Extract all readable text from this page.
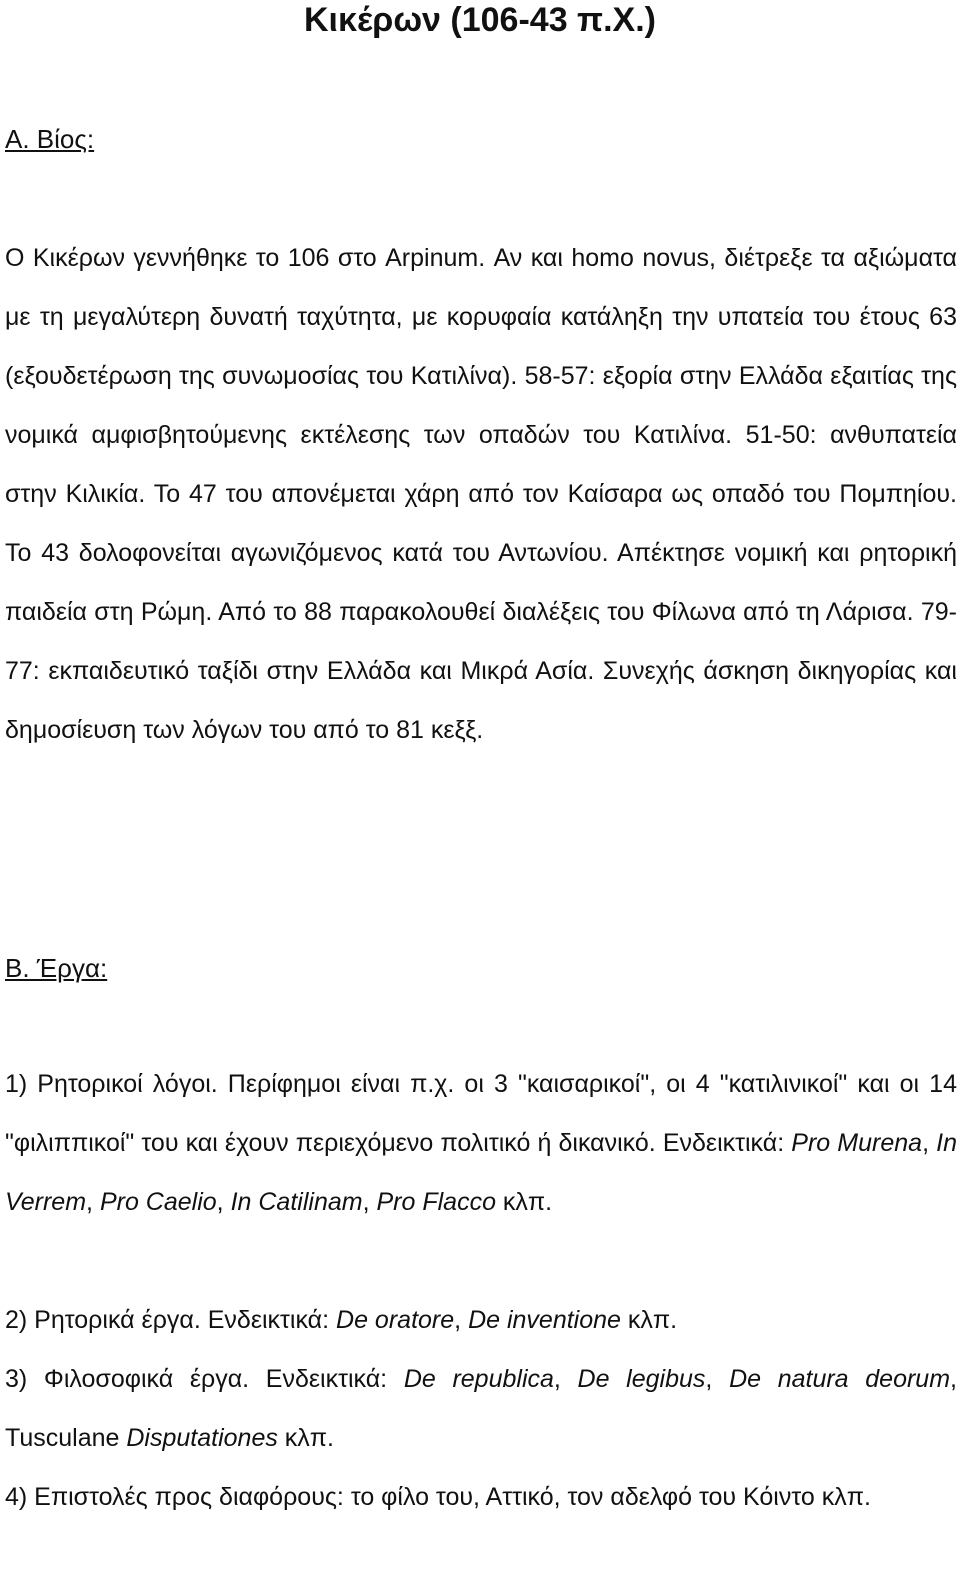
Κικέρων (106-43 π.Χ.)
Α. Βίος:

Ο Κικέρων γεννήθηκε το 106 στο Arpinum. Αν και homo novus, διέτρεξε τα αξιώματα με τη μεγαλύτερη δυνατή ταχύτητα, με κορυφαία κατάληξη την υπατεία του έτους 63 (εξουδετέρωση της συνωμοσίας του Κατιλίνα). 58-57: εξορία στην Ελλάδα εξαιτίας της νομικά αμφισβητούμενης εκτέλεσης των οπαδών του Κατιλίνα. 51-50: ανθυπατεία στην Κιλικία. Το 47 του απονέμεται χάρη από τον Καίσαρα ως οπαδό του Πομπηίου. Το 43 δολοφονείται αγωνιζόμενος κατά του Αντωνίου. Απέκτησε νομική και ρητορική παιδεία στη Ρώμη. Από το 88 παρακολουθεί διαλέξεις του Φίλωνα από τη Λάρισα. 79-77: εκπαιδευτικό ταξίδι στην Ελλάδα και Μικρά Ασία. Συνεχής άσκηση δικηγορίας και δημοσίευση των λόγων του από το 81 κεξξ.

Β. Έργα:

1) Ρητορικοί λόγοι. Περίφημοι είναι π.χ. οι 3 "καισαρικοί", οι 4 "κατιλινικοί" και οι 14 "φιλιππικοί" του και έχουν περιεχόμενο πολιτικό ή δικανικό. Ενδεικτικά: Pro Murena, In Verrem, Pro Caelio, In Catilinam, Pro Flacco κλπ.

2) Ρητορικά έργα. Ενδεικτικά: De oratore, De inventione κλπ.

3) Φιλοσοφικά έργα. Ενδεικτικά: De republica, De legibus, De natura deorum, Tusculane Disputationes κλπ.

4) Επιστολές προς διαφόρους: το φίλο του, Αττικό, τον αδελφό του Κόιντο κλπ.
